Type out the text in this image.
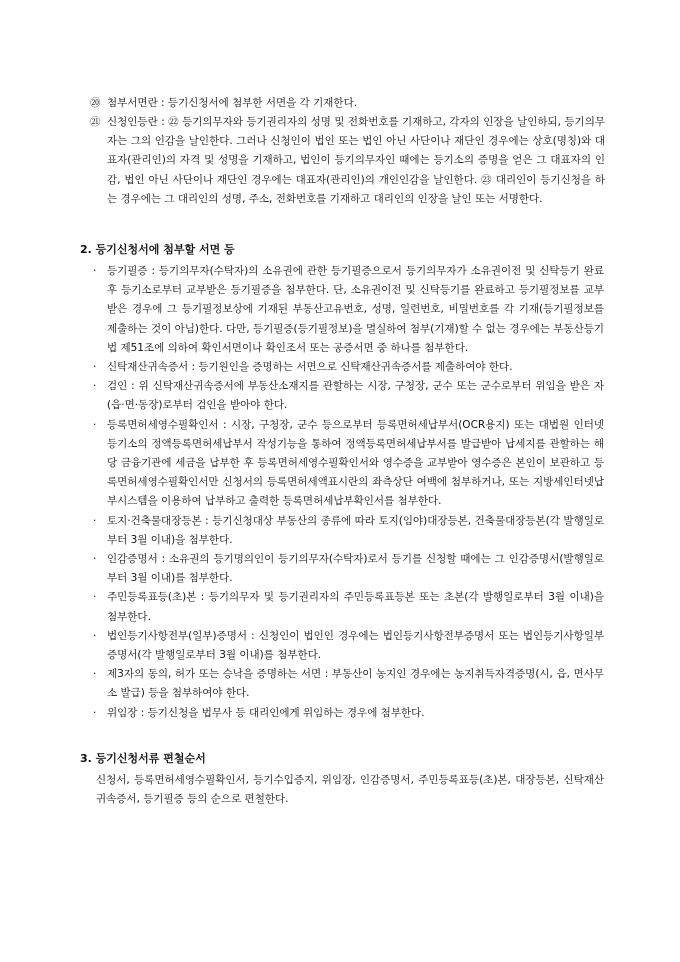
⑳ 첨부서면란 : 등기신청서에 첨부한 서면을 각 기재한다.
㉑ 신청인등란 : ㉒ 등기의무자와 등기권리자의 성명 및 전화번호를 기재하고, 각자의 인장을 날인하되, 등기의무자는 그의 인감을 날인한다. 그러나 신청인이 법인 또는 법인 아닌 사단이나 재단인 경우에는 상호(명칭)와 대표자(관리인)의 자격 및 성명을 기재하고, 법인이 등기의무자인 때에는 등기소의 증명을 얻은 그 대표자의 인감, 법인 아닌 사단이나 재단인 경우에는 대표자(관리인)의 개인인감을 날인한다. ㉓ 대리인이 등기신청을 하는 경우에는 그 대리인의 성명, 주소, 전화번호를 기재하고 대리인의 인장을 날인 또는 서명한다.
2. 등기신청서에 첨부할 서면 등
· 등기필증 : 등기의무자(수탁자)의 소유권에 관한 등기필증으로서 등기의무자가 소유권이전 및 신탁등기 완료 후 등기소로부터 교부받은 등기필증을 첨부한다. 단, 소유권이전 및 신탁등기를 완료하고 등기필정보를 교부받은 경우에 그 등기필정보상에 기재된 부동산고유번호, 성명, 일련번호, 비밀번호를 각 기재(등기필정보를 제출하는 것이 아님)한다. 다만, 등기필증(등기필정보)을 멸실하여 첨부(기재)할 수 없는 경우에는 부동산등기법 제51조에 의하여 확인서면이나 확인조서 또는 공증서면 중 하나를 첨부한다.
· 신탁재산귀속증서 : 등기원인을 증명하는 서면으로 신탁재산귀속증서를 제출하여야 한다.
· 검인 : 위 신탁재산귀속증서에 부동산소재지를 관할하는 시장, 구청장, 군수 또는 군수로부터 위임을 받은 자(읍·면·동장)로부터 검인을 받아야 한다.
· 등록면허세영수필확인서 : 시장, 구청장, 군수 등으로부터 등록면허세납부서(OCR용지) 또는 대법원 인터넷등기소의 정액등록면허세납부서 작성기능을 통하여 정액등록면허세납부서를 발급받아 납세지를 관할하는 해당 금융기관에 세금을 납부한 후 등록면허세영수필확인서와 영수증을 교부받아 영수증은 본인이 보관하고 등록면허세영수필확인서만 신청서의 등록면허세액표시란의 좌측상단 여백에 첨부하거나, 또는 지방세인터넷납부시스템을 이용하여 납부하고 출력한 등록면허세납부확인서를 첨부한다.
· 토지·건축물대장등본 : 등기신청대상 부동산의 종류에 따라 토지(임야)대장등본, 건축물대장등본(각 발행일로부터 3월 이내)을 첨부한다.
· 인감증명서 : 소유권의 등기명의인이 등기의무자(수탁자)로서 등기를 신청할 때에는 그 인감증명서(발행일로부터 3월 이내)를 첨부한다.
· 주민등록표등(초)본 : 등기의무자 및 등기권리자의 주민등록표등본 또는 초본(각 발행일로부터 3월 이내)을 첨부한다.
· 법인등기사항전부(일부)증명서 : 신청인이 법인인 경우에는 법인등기사항전부증명서 또는 법인등기사항일부증명서(각 발행일로부터 3월 이내)를 첨부한다.
· 제3자의 동의, 허가 또는 승낙을 증명하는 서면 : 부동산이 농지인 경우에는 농지취득자격증명(시, 읍, 면사무소 발급) 등을 첨부하여야 한다.
· 위임장 : 등기신청을 법무사 등 대리인에게 위임하는 경우에 첨부한다.
3. 등기신청서류 편철순서
신청서, 등록면허세영수필확인서, 등기수입증지, 위임장, 인감증명서, 주민등록표등(초)본, 대장등본, 신탁재산귀속증서, 등기필증 등의 순으로 편철한다.
